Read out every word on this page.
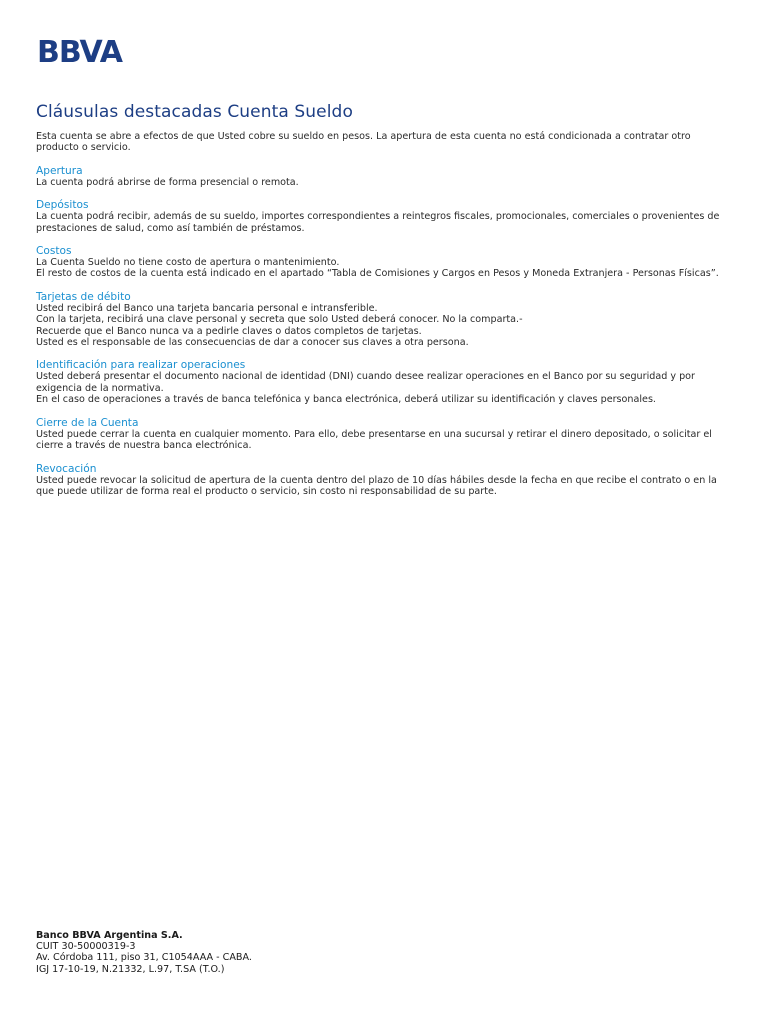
BBVA
Cláusulas destacadas Cuenta Sueldo

Esta cuenta se abre a efectos de que Usted cobre su sueldo en pesos. La apertura de esta cuenta no está condicionada a contratar otro producto o servicio.

Apertura

La cuenta podrá abrirse de forma presencial o remota.

Depósitos

La cuenta podrá recibir, además de su sueldo, importes correspondientes a reintegros fiscales, promocionales, comerciales o provenientes de prestaciones de salud, como así también de préstamos.

Costos

La Cuenta Sueldo no tiene costo de apertura o mantenimiento.

El resto de costos de la cuenta está indicado en el apartado “Tabla de Comisiones y Cargos en Pesos y Moneda Extranjera - Personas Físicas”.

Tarjetas de débito

Usted recibirá del Banco una tarjeta bancaria personal e intransferible.

Con la tarjeta, recibirá una clave personal y secreta que solo Usted deberá conocer. No la comparta.-

Recuerde que el Banco nunca va a pedirle claves o datos completos de tarjetas.

Usted es el responsable de las consecuencias de dar a conocer sus claves a otra persona.

Identificación para realizar operaciones

Usted deberá presentar el documento nacional de identidad (DNI) cuando desee realizar operaciones en el Banco por su seguridad y por exigencia de la normativa.

En el caso de operaciones a través de banca telefónica y banca electrónica, deberá utilizar su identificación y claves personales.

Cierre de la Cuenta

Usted puede cerrar la cuenta en cualquier momento. Para ello, debe presentarse en una sucursal y retirar el dinero depositado, o solicitar el cierre a través de nuestra banca electrónica.

Revocación

Usted puede revocar la solicitud de apertura de la cuenta dentro del plazo de 10 días hábiles desde la fecha en que recibe el contrato o en la que puede utilizar de forma real el producto o servicio, sin costo ni responsabilidad de su parte.

Banco BBVA Argentina S.A.
CUIT 30-50000319-3
Av. Córdoba 111, piso 31, C1054AAA - CABA.
IGJ 17-10-19, N.21332, L.97, T.SA (T.O.)
